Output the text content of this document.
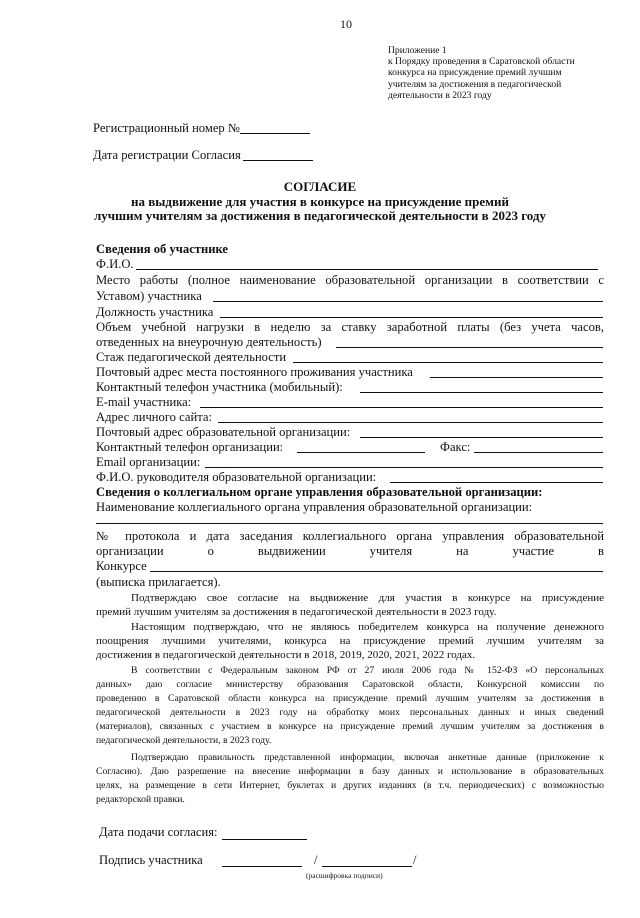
10
Приложение 1
к Порядку проведения в Саратовской области
конкурса на присуждение премий лучшим
учителям за достижения в педагогической
деятельности в 2023 году
Регистрационный номер №
Дата регистрации Согласия
СОГЛАСИЕ
на выдвижение для участия в конкурсе на присуждение премий
лучшим учителям за достижения в педагогической деятельности в 2023 году
Сведения об участнике
Ф.И.О.
Место работы (полное наименование образовательной организации в соответствии с
Уставом) участника
Должность участника
Объем учебной нагрузки в неделю за ставку заработной платы (без учета часов,
отведенных на внеурочную деятельность)
Стаж педагогической деятельности
Почтовый адрес места постоянного проживания участника
Контактный телефон участника (мобильный):
E-mail участника:
Адрес личного сайта:
Почтовый адрес образовательной организации:
Контактный телефон организации:	Факс:
Email организации:
Ф.И.О. руководителя образовательной организации:
Сведения о коллегиальном органе управления образовательной организации:
Наименование коллегиального органа управления образовательной организации:
№ протокола и дата заседания коллегиального органа управления образовательной
организации о выдвижении учителя на участие в
Конкурсе
(выписка прилагается).
Подтверждаю свое согласие на выдвижение для участия в конкурсе на присуждение
премий лучшим учителям за достижения в педагогической деятельности в 2023 году.
Настоящим подтверждаю, что не являюсь победителем конкурса на получение денежного
поощрения лучшими учителями, конкурса на присуждение премий лучшим учителям за
достижения в педагогической деятельности в 2018, 2019, 2020, 2021, 2022 годах.
В соответствии с Федеральным законом РФ от 27 июля 2006 года № 152-ФЗ «О персональных
данных» даю согласие министерству образования Саратовской области, Конкурсной комиссии по
проведению в Саратовской области конкурса на присуждение премий лучшим учителям за достижения в
педагогической деятельности в 2023 году на обработку моих персональных данных и иных сведений
(материалов), связанных с участием в конкурсе на присуждение премий лучшим учителям за достижения в
педагогической деятельности, в 2023 году.
Подтверждаю правильность представленной информации, включая анкетные данные (приложение к
Согласию). Даю разрешение на внесение информации в базу данных и использование в образовательных
целях, на размещение в сети Интернет, буклетах и других изданиях (в т.ч. периодических) с возможностью
редакторской правки.
Дата подачи согласия:
Подпись участника	/	/
(расшифровка подписи)
